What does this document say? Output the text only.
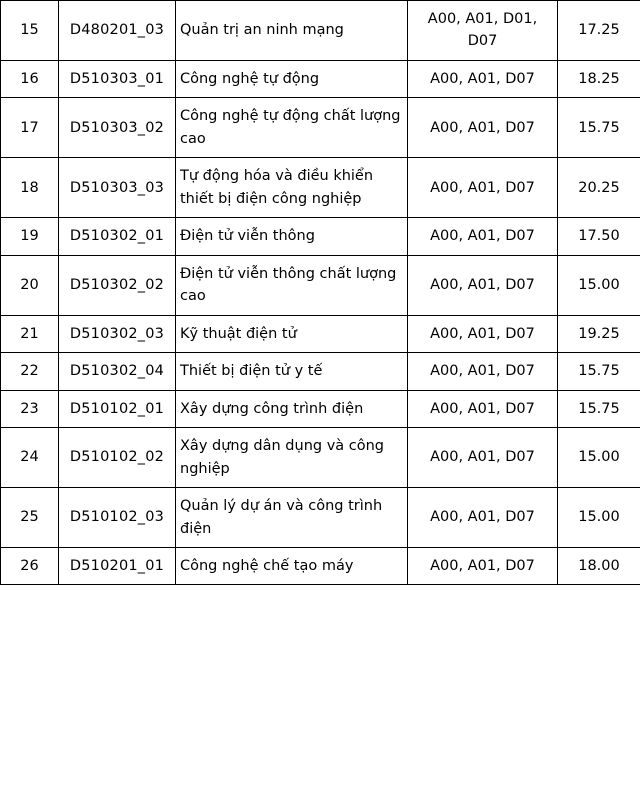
15	D480201_03	Quản trị an ninh mạng	A00, A01, D01, D07	17.25
16	D510303_01	Công nghệ tự động	A00, A01, D07	18.25
17	D510303_02	Công nghệ tự động chất lượng cao	A00, A01, D07	15.75
18	D510303_03	Tự động hóa và điều khiển thiết bị điện công nghiệp	A00, A01, D07	20.25
19	D510302_01	Điện tử viễn thông	A00, A01, D07	17.50
20	D510302_02	Điện tử viễn thông chất lượng cao	A00, A01, D07	15.00
21	D510302_03	Kỹ thuật điện tử	A00, A01, D07	19.25
22	D510302_04	Thiết bị điện tử y tế	A00, A01, D07	15.75
23	D510102_01	Xây dựng công trình điện	A00, A01, D07	15.75
24	D510102_02	Xây dựng dân dụng và công nghiệp	A00, A01, D07	15.00
25	D510102_03	Quản lý dự án và công trình điện	A00, A01, D07	15.00
26	D510201_01	Công nghệ chế tạo máy	A00, A01, D07	18.00
